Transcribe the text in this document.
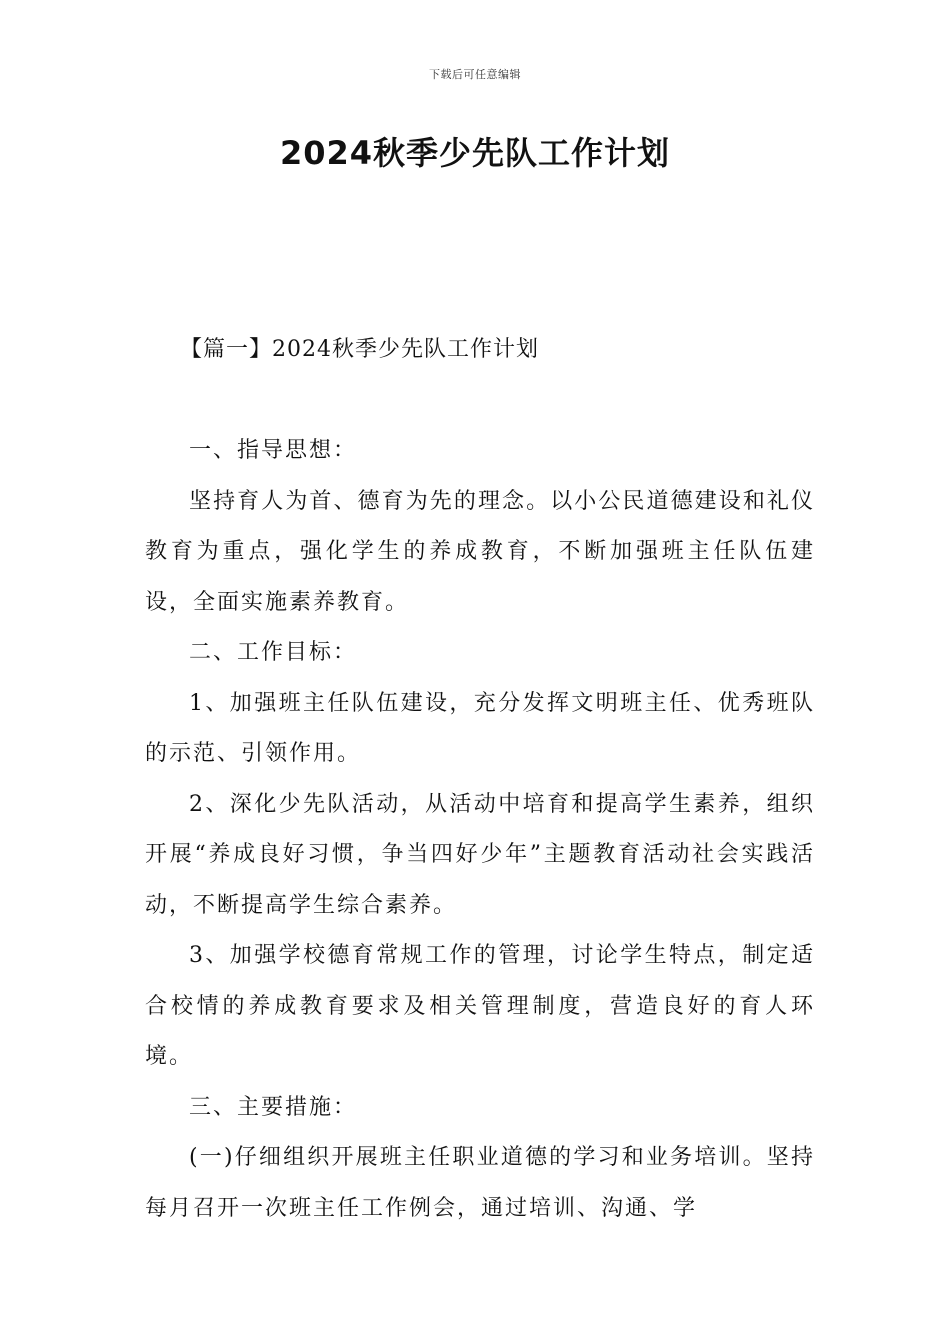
下载后可任意编辑
2024秋季少先队工作计划
【篇一】2024秋季少先队工作计划

一、指导思想：

坚持育人为首、德育为先的理念。以小公民道德建设和礼仪教育为重点，强化学生的养成教育，不断加强班主任队伍建设，全面实施素养教育。

二、工作目标：

1、加强班主任队伍建设，充分发挥文明班主任、优秀班队的示范、引领作用。

2、深化少先队活动，从活动中培育和提高学生素养，组织开展“养成良好习惯，争当四好少年”主题教育活动社会实践活动，不断提高学生综合素养。

3、加强学校德育常规工作的管理，讨论学生特点，制定适合校情的养成教育要求及相关管理制度，营造良好的育人环境。

三、主要措施：

(一)仔细组织开展班主任职业道德的学习和业务培训。坚持每月召开一次班主任工作例会，通过培训、沟通、学
